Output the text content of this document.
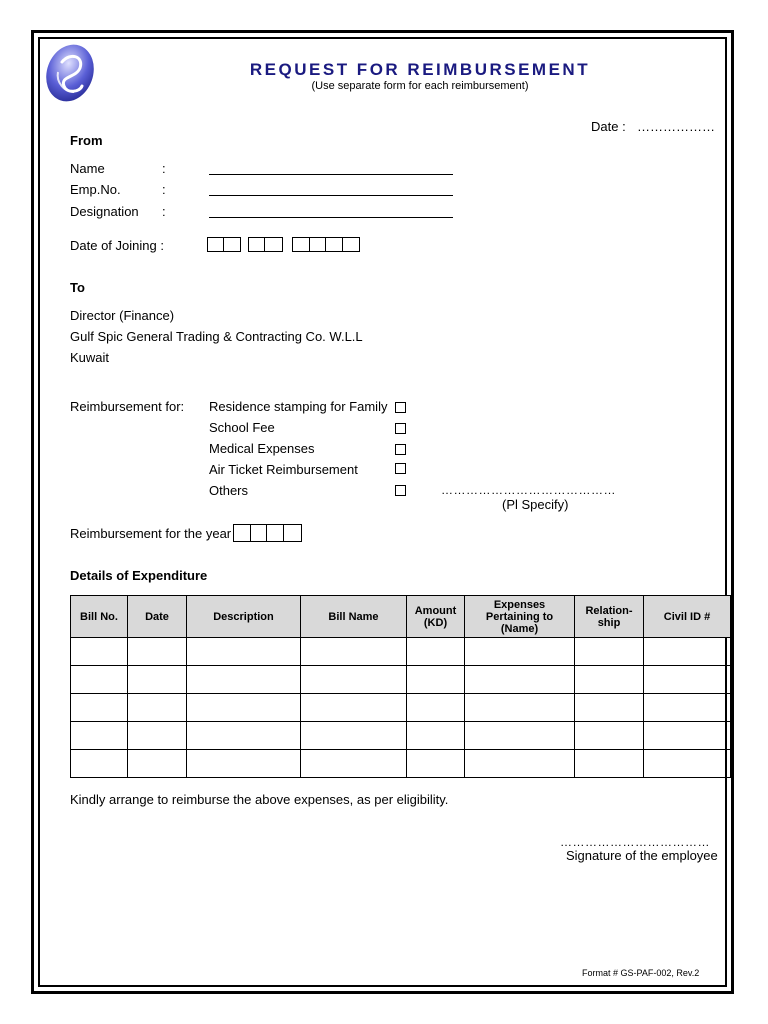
REQUEST FOR REIMBURSEMENT
(Use separate form for each reimbursement)
Date : ………………
From
Name	:
Emp.No.	:
Designation :
Date of Joining :
To
Director (Finance)
Gulf Spic General Trading & Contracting Co. W.L.L
Kuwait
Reimbursement for: Residence stamping for Family
School Fee
Medical Expenses
Air Ticket Reimbursement
Others	……………………………………
(Pl Specify)
Reimbursement for the year
Details of Expenditure
Bill No.	Date	Description	Bill Name	Amount (KD)	Expenses Pertaining to (Name)	Relation-ship	Civil ID #

Kindly arrange to reimburse the above expenses, as per eligibility.
………………………………
Signature of the employee
Format # GS-PAF-002, Rev.2
